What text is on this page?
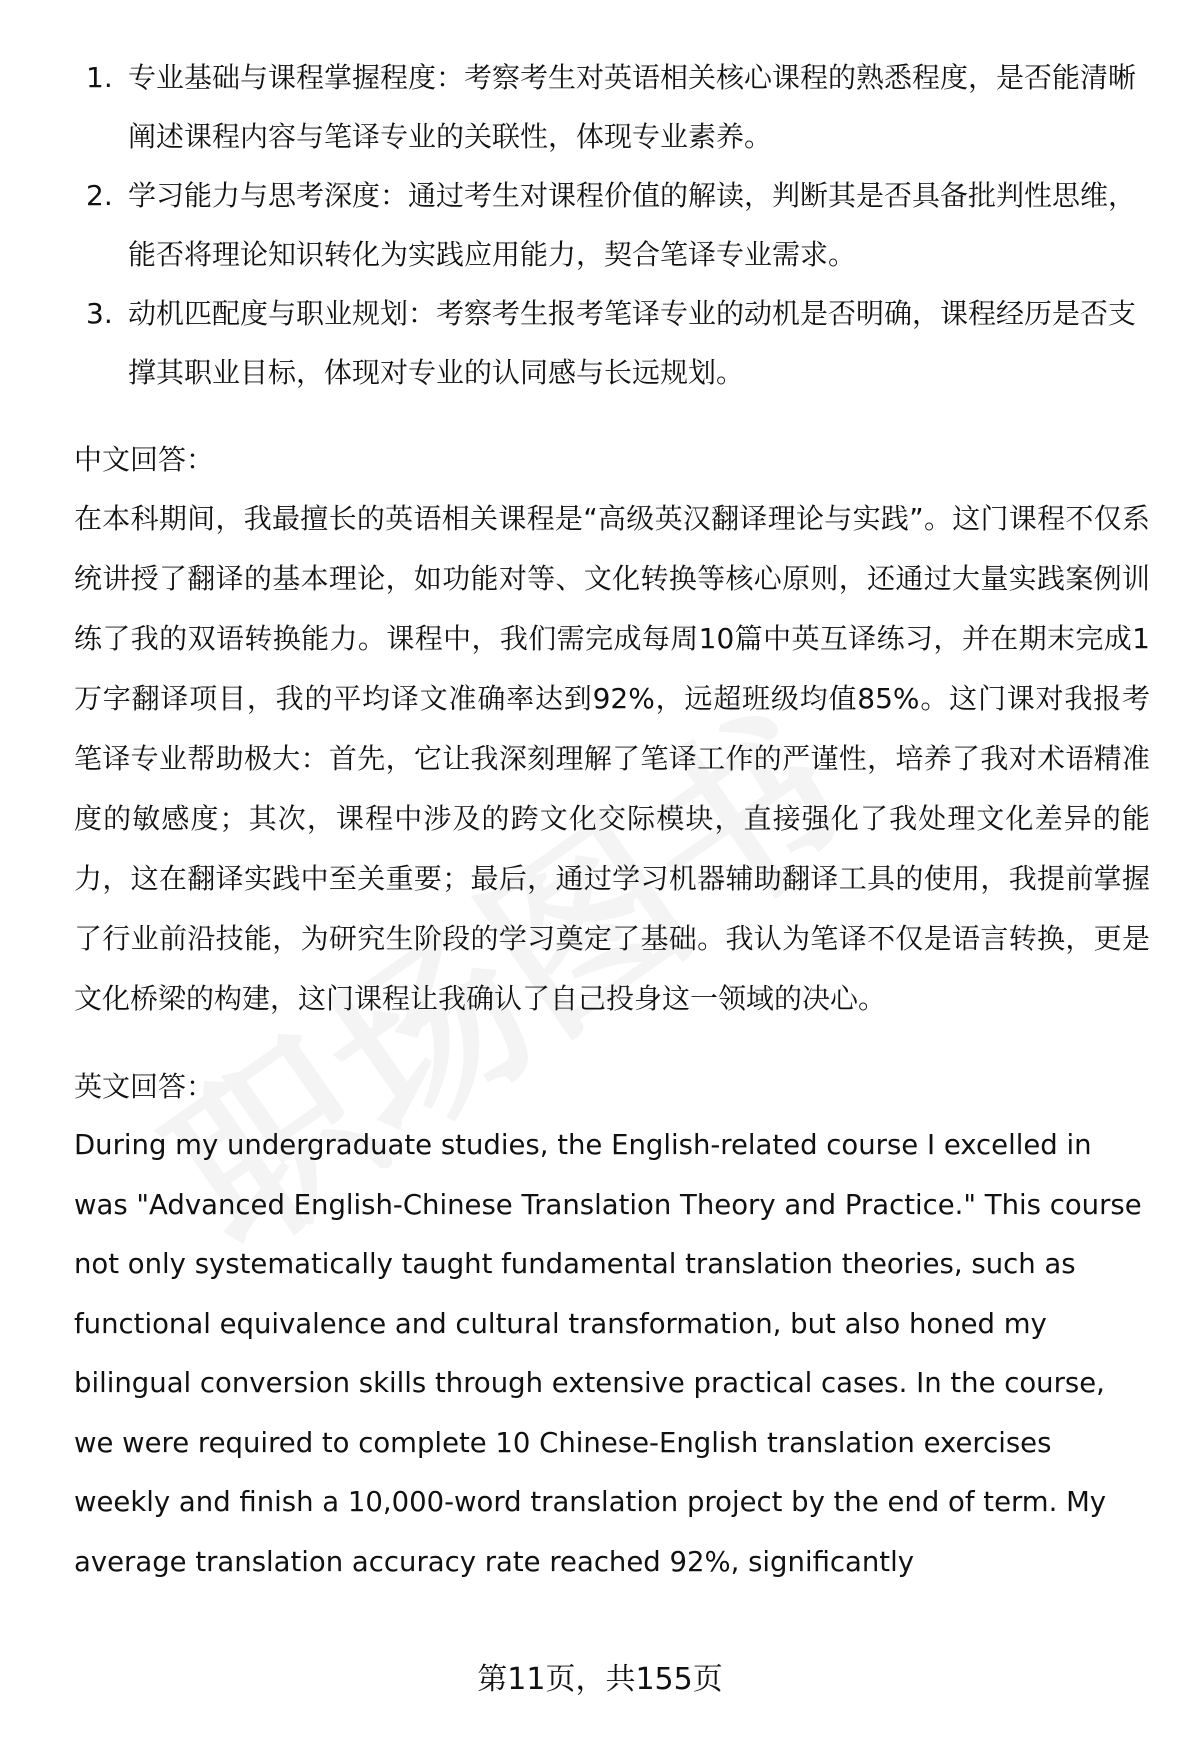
1. 专业基础与课程掌握程度：考察考生对英语相关核心课程的熟悉程度，是否能清晰阐述课程内容与笔译专业的关联性，体现专业素养。
2. 学习能力与思考深度：通过考生对课程价值的解读，判断其是否具备批判性思维，能否将理论知识转化为实践应用能力，契合笔译专业需求。
3. 动机匹配度与职业规划：考察考生报考笔译专业的动机是否明确，课程经历是否支撑其职业目标，体现对专业的认同感与长远规划。
中文回答：
在本科期间，我最擅长的英语相关课程是“高级英汉翻译理论与实践”。这门课程不仅系统讲授了翻译的基本理论，如功能对等、文化转换等核心原则，还通过大量实践案例训练了我的双语转换能力。课程中，我们需完成每周10篇中英互译练习，并在期末完成1万字翻译项目，我的平均译文准确率达到92%，远超班级均值85%。这门课对我报考笔译专业帮助极大：首先，它让我深刻理解了笔译工作的严谨性，培养了我对术语精准度的敏感度；其次，课程中涉及的跨文化交际模块，直接强化了我处理文化差异的能力，这在翻译实践中至关重要；最后，通过学习机器辅助翻译工具的使用，我提前掌握了行业前沿技能，为研究生阶段的学习奠定了基础。我认为笔译不仅是语言转换，更是文化桥梁的构建，这门课程让我确认了自己投身这一领域的决心。
英文回答：
During my undergraduate studies, the English-related course I excelled in was "Advanced English-Chinese Translation Theory and Practice." This course not only systematically taught fundamental translation theories, such as functional equivalence and cultural transformation, but also honed my bilingual conversion skills through extensive practical cases. In the course, we were required to complete 10 Chinese-English translation exercises weekly and finish a 10,000-word translation project by the end of term. My average translation accuracy rate reached 92%, significantly
第11页，共155页
